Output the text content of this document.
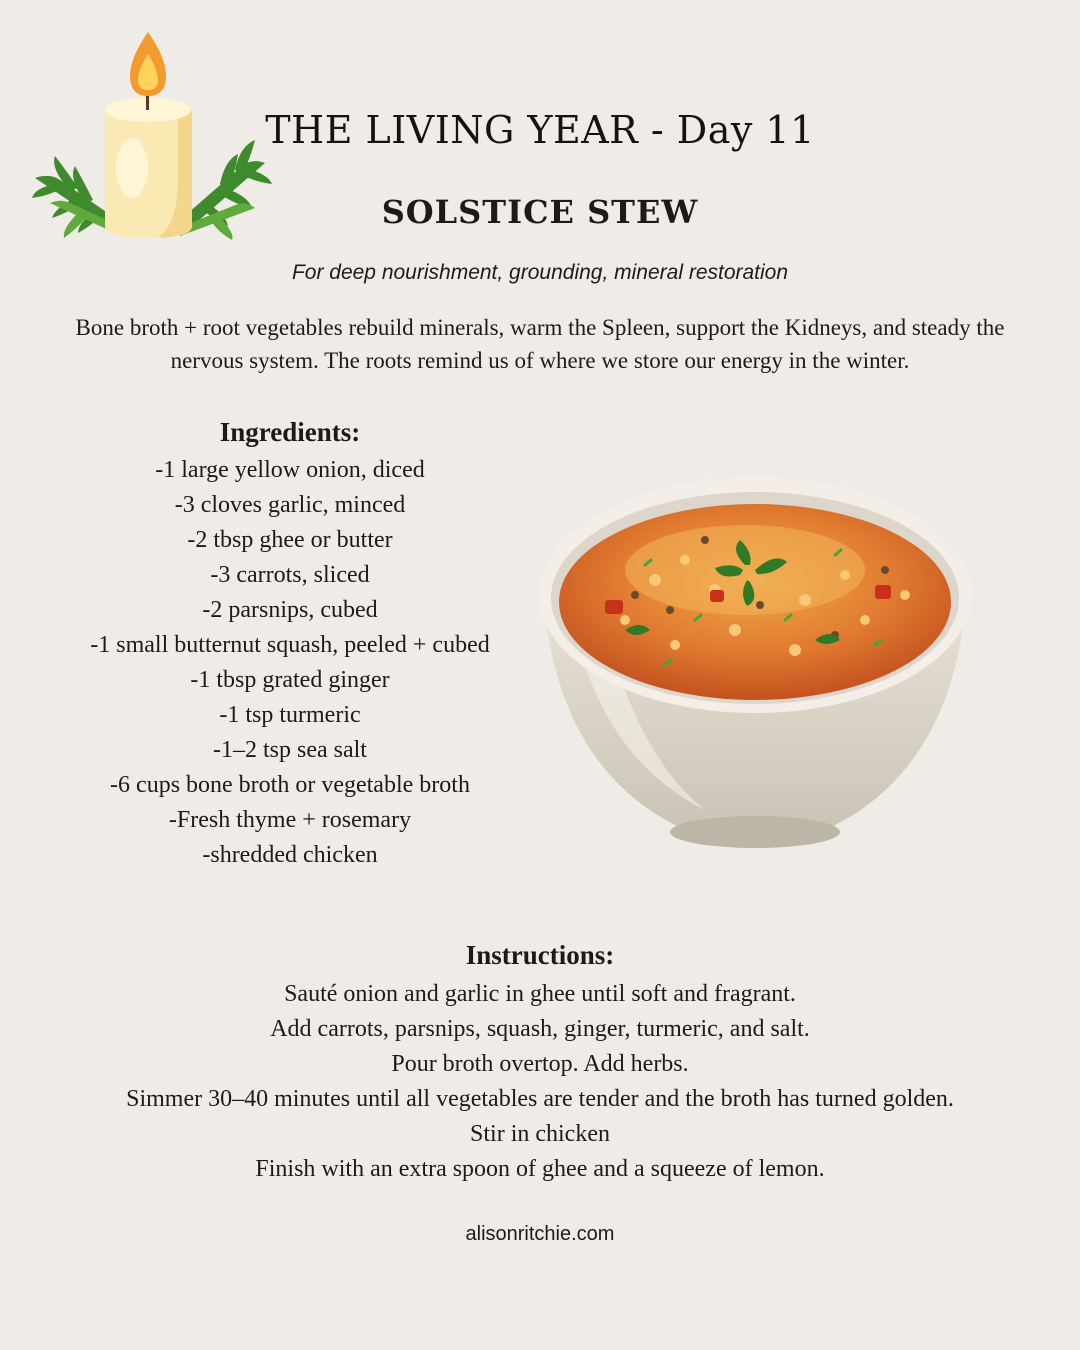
THE LIVING YEAR - Day 11
SOLSTICE STEW
For deep nourishment, grounding, mineral restoration
Bone broth + root vegetables rebuild minerals, warm the Spleen, support the Kidneys, and steady the nervous system. The roots remind us of where we store our energy in the winter.
Ingredients:
-1 large yellow onion, diced
-3 cloves garlic, minced
-2 tbsp ghee or butter
-3 carrots, sliced
-2 parsnips, cubed
-1 small butternut squash, peeled + cubed
-1 tbsp grated ginger
-1 tsp turmeric
-1–2 tsp sea salt
-6 cups bone broth or vegetable broth
-Fresh thyme + rosemary
-shredded chicken
Instructions:
Sauté onion and garlic in ghee until soft and fragrant.
Add carrots, parsnips, squash, ginger, turmeric, and salt.
Pour broth overtop. Add herbs.
Simmer 30–40 minutes until all vegetables are tender and the broth has turned golden.
Stir in chicken
Finish with an extra spoon of ghee and a squeeze of lemon.
alisonritchie.com
